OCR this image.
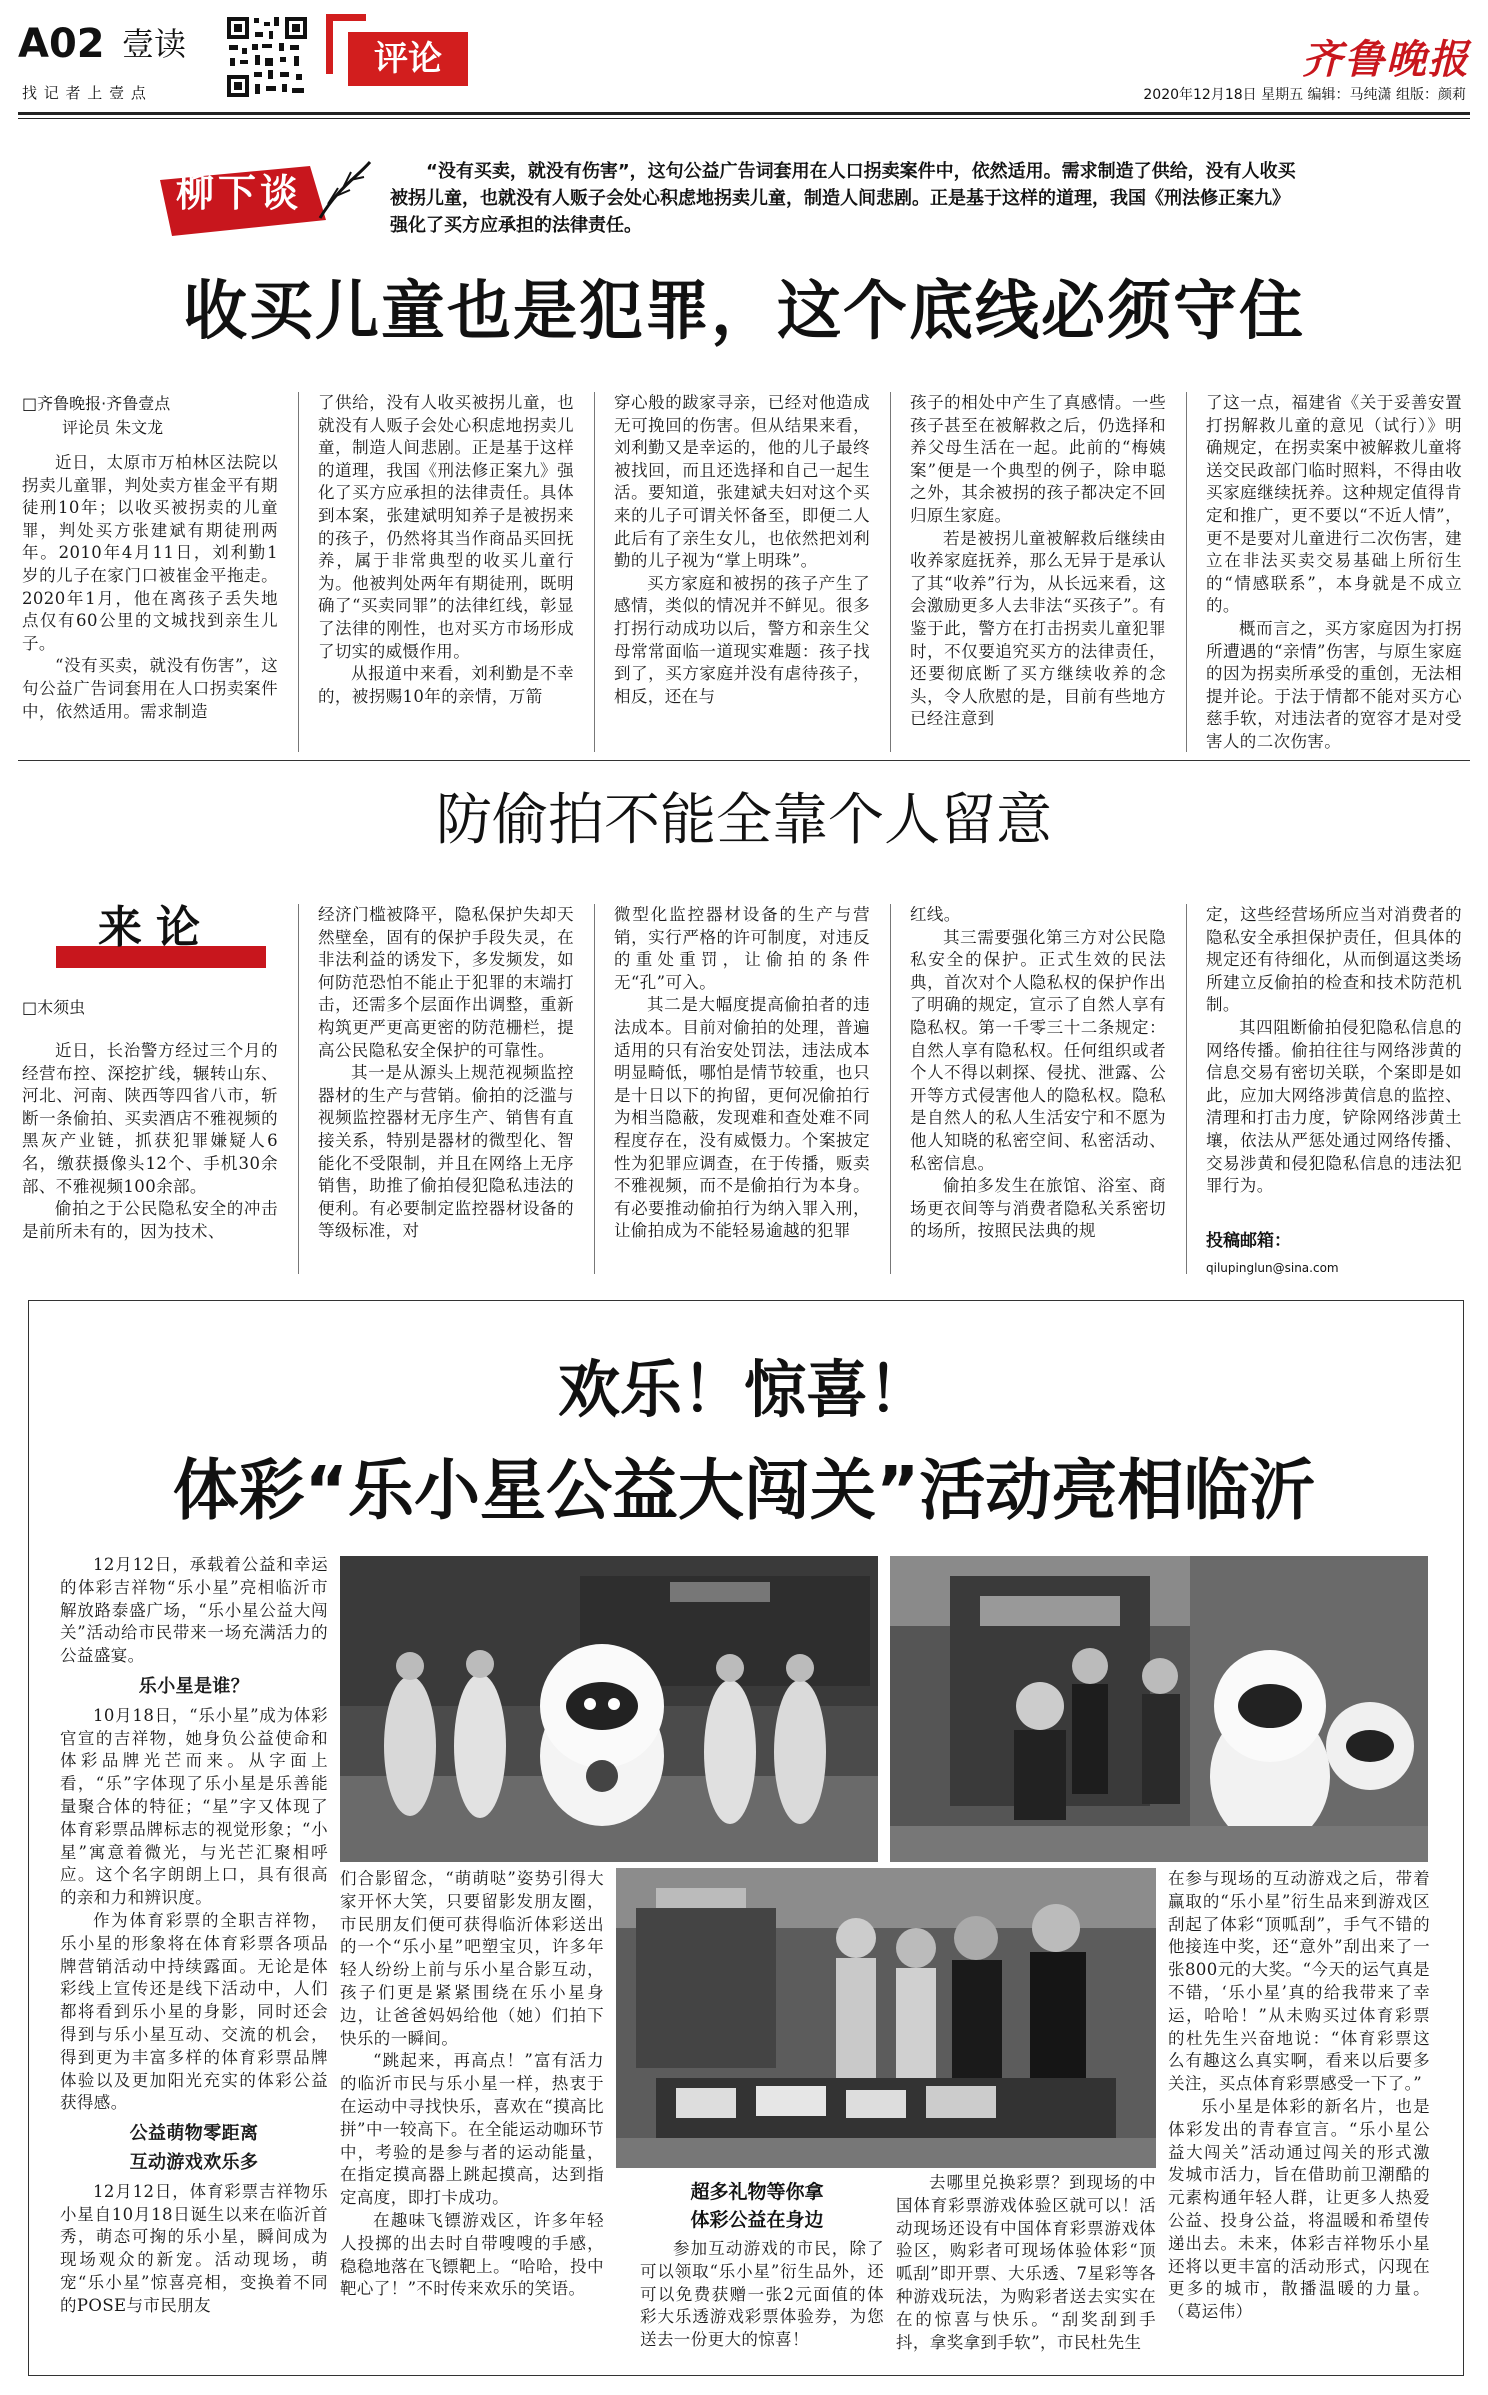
A02 壹读
找 记 者 上 壹 点
评论	齐鲁晚报
2020年12月18日 星期五 编辑：马纯潇 组版：颜莉
柳下谈	“没有买卖，就没有伤害”，这句公益广告词套用在人口拐卖案件中，依然适用。需求制造了供给，没有人收买被拐儿童，也就没有人贩子会处心积虑地拐卖儿童，制造人间悲剧。正是基于这样的道理，我国《刑法修正案九》强化了买方应承担的法律责任。
收买儿童也是犯罪，这个底线必须守住
□齐鲁晚报·齐鲁壹点
评论员 朱文龙

近日，太原市万柏林区法院以拐卖儿童罪，判处卖方崔金平有期徒刑10年；以收买被拐卖的儿童罪，判处买方张建斌有期徒刑两年。2010年4月11日，刘利勤1岁的儿子在家门口被崔金平拖走。2020年1月，他在离孩子丢失地点仅有60公里的文城找到亲生儿子。

“没有买卖，就没有伤害”，这句公益广告词套用在人口拐卖案件中，依然适用。需求制造

了供给，没有人收买被拐儿童，也就没有人贩子会处心积虑地拐卖儿童，制造人间悲剧。正是基于这样的道理，我国《刑法修正案九》强化了买方应承担的法律责任。具体到本案，张建斌明知养子是被拐来的孩子，仍然将其当作商品买回抚养，属于非常典型的收买儿童行为。他被判处两年有期徒刑，既明确了“买卖同罪”的法律红线，彰显了法律的刚性，也对买方市场形成了切实的威慑作用。

从报道中来看，刘利勤是不幸的，被拐赐10年的亲情，万箭

穿心般的跋家寻亲，已经对他造成无可挽回的伤害。但从结果来看，刘利勤又是幸运的，他的儿子最终被找回，而且还选择和自己一起生活。要知道，张建斌夫妇对这个买来的儿子可谓关怀备至，即便二人此后有了亲生女儿，也依然把刘利勤的儿子视为“掌上明珠”。

买方家庭和被拐的孩子产生了感情，类似的情况并不鲜见。很多打拐行动成功以后，警方和亲生父母常常面临一道现实难题：孩子找到了，买方家庭并没有虐待孩子，相反，还在与

孩子的相处中产生了真感情。一些孩子甚至在被解救之后，仍选择和养父母生活在一起。此前的“梅姨案”便是一个典型的例子，除申聪之外，其余被拐的孩子都决定不回归原生家庭。

若是被拐儿童被解救后继续由收养家庭抚养，那么无异于是承认了其“收养”行为，从长远来看，这会激励更多人去非法“买孩子”。有鉴于此，警方在打击拐卖儿童犯罪时，不仅要追究买方的法律责任，还要彻底断了买方继续收养的念头，令人欣慰的是，目前有些地方已经注意到

了这一点，福建省《关于妥善安置打拐解救儿童的意见（试行）》明确规定，在拐卖案中被解救儿童将送交民政部门临时照料，不得由收买家庭继续抚养。这种规定值得肯定和推广，更不要以“不近人情”，更不是要对儿童进行二次伤害，建立在非法买卖交易基础上所衍生的“情感联系”，本身就是不成立的。

概而言之，买方家庭因为打拐所遭遇的“亲情”伤害，与原生家庭的因为拐卖所承受的重创，无法相提并论。于法于情都不能对买方心慈手软，对违法者的宽容才是对受害人的二次伤害。

防偷拍不能全靠个人留意
来论
□木须虫

近日，长治警方经过三个月的经营布控、深挖扩线，辗转山东、河北、河南、陕西等四省八市，斩断一条偷拍、买卖酒店不雅视频的黑灰产业链，抓获犯罪嫌疑人6名，缴获摄像头12个、手机30余部、不雅视频100余部。

偷拍之于公民隐私安全的冲击是前所未有的，因为技术、

经济门槛被降平，隐私保护失却天然壁垒，固有的保护手段失灵，在非法利益的诱发下，多发频发，如何防范恐怕不能止于犯罪的末端打击，还需多个层面作出调整，重新构筑更严更高更密的防范栅栏，提高公民隐私安全保护的可靠性。

其一是从源头上规范视频监控器材的生产与营销。偷拍的泛滥与视频监控器材无序生产、销售有直接关系，特别是器材的微型化、智能化不受限制，并且在网络上无序销售，助推了偷拍侵犯隐私违法的便利。有必要制定监控器材设备的等级标准，对

微型化监控器材设备的生产与营销，实行严格的许可制度，对违反的重处重罚，让偷拍的条件无“孔”可入。

其二是大幅度提高偷拍者的违法成本。目前对偷拍的处理，普遍适用的只有治安处罚法，违法成本明显畸低，哪怕是情节较重，也只是十日以下的拘留，更何况偷拍行为相当隐蔽，发现难和查处难不同程度存在，没有威慑力。个案披定性为犯罪应调查，在于传播，贩卖不雅视频，而不是偷拍行为本身。有必要推动偷拍行为纳入罪入刑，让偷拍成为不能轻易逾越的犯罪

红线。

其三需要强化第三方对公民隐私安全的保护。正式生效的民法典，首次对个人隐私权的保护作出了明确的规定，宣示了自然人享有隐私权。第一千零三十二条规定：自然人享有隐私权。任何组织或者个人不得以刺探、侵扰、泄露、公开等方式侵害他人的隐私权。隐私是自然人的私人生活安宁和不愿为他人知晓的私密空间、私密活动、私密信息。

偷拍多发生在旅馆、浴室、商场更衣间等与消费者隐私关系密切的场所，按照民法典的规

定，这些经营场所应当对消费者的隐私安全承担保护责任，但具体的规定还有待细化，从而倒逼这类场所建立反偷拍的检查和技术防范机制。

其四阻断偷拍侵犯隐私信息的网络传播。偷拍往往与网络涉黄的信息交易有密切关联，个案即是如此，应加大网络涉黄信息的监控、清理和打击力度，铲除网络涉黄土壤，依法从严惩处通过网络传播、交易涉黄和侵犯隐私信息的违法犯罪行为。

投稿邮箱：
qilupinglun@sina.com
欢乐！惊喜！
体彩“乐小星公益大闯关”活动亮相临沂

12月12日，承载着公益和幸运的体彩吉祥物“乐小星”亮相临沂市解放路泰盛广场，“乐小星公益大闯关”活动给市民带来一场充满活力的公益盛宴。

乐小星是谁？

10月18日，“乐小星”成为体彩官宣的吉祥物，她身负公益使命和体彩品牌光芒而来。从字面上看，“乐”字体现了乐小星是乐善能量聚合体的特征；“星”字又体现了体育彩票品牌标志的视觉形象；“小星”寓意着微光，与光芒汇聚相呼应。这个名字朗朗上口，具有很高的亲和力和辨识度。

作为体育彩票的全职吉祥物，乐小星的形象将在体育彩票各项品牌营销活动中持续露面。无论是体彩线上宣传还是线下活动中，人们都将看到乐小星的身影，同时还会得到与乐小星互动、交流的机会，得到更为丰富多样的体育彩票品牌体验以及更加阳光充实的体彩公益获得感。

公益萌物零距离

互动游戏欢乐多

12月12日，体育彩票吉祥物乐小星自10月18日诞生以来在临沂首秀，萌态可掬的乐小星，瞬间成为现场观众的新宠。活动现场，萌宠“乐小星”惊喜亮相，变换着不同的POSE与市民朋友

们合影留念，“萌萌哒”姿势引得大家开怀大笑，只要留影发朋友圈，市民朋友们便可获得临沂体彩送出的一个“乐小星”吧塑宝贝，许多年轻人纷纷上前与乐小星合影互动，孩子们更是紧紧围绕在乐小星身边，让爸爸妈妈给他（她）们拍下快乐的一瞬间。

“跳起来，再高点！”富有活力的临沂市民与乐小星一样，热衷于在运动中寻找快乐，喜欢在“摸高比拼”中一较高下。在全能运动咖环节中，考验的是参与者的运动能量，在指定摸高器上跳起摸高，达到指定高度，即打卡成功。

在趣味飞镖游戏区，许多年轻人投掷的出去时自带嗖嗖的手感，稳稳地落在飞镖靶上。“哈哈，投中靶心了！”不时传来欢乐的笑语。

超多礼物等你拿
体彩公益在身边

参加互动游戏的市民，除了可以领取“乐小星”衍生品外，还可以免费获赠一张2元面值的体彩大乐透游戏彩票体验券，为您送去一份更大的惊喜！

去哪里兑换彩票？到现场的中国体育彩票游戏体验区就可以！活动现场还设有中国体育彩票游戏体验区，购彩者可现场体验体彩“顶呱刮”即开票、大乐透、7星彩等各种游戏玩法，为购彩者送去实实在在的惊喜与快乐。“刮奖刮到手抖，拿奖拿到手软”，市民杜先生

在参与现场的互动游戏之后，带着赢取的“乐小星”衍生品来到游戏区刮起了体彩“顶呱刮”，手气不错的他接连中奖，还“意外”刮出来了一张800元的大奖。“今天的运气真是不错，‘乐小星’真的给我带来了幸运，哈哈！”从未购买过体育彩票的杜先生兴奋地说：“体育彩票这么有趣这么真实啊，看来以后要多关注，买点体育彩票感受一下了。”

乐小星是体彩的新名片，也是体彩发出的青春宣言。“乐小星公益大闯关”活动通过闯关的形式激发城市活力，旨在借助前卫潮酷的元素构通年轻人群，让更多人热爱公益、投身公益，将温暖和希望传递出去。未来，体彩吉祥物乐小星还将以更丰富的活动形式，闪现在更多的城市，散播温暖的力量。（葛运伟）
